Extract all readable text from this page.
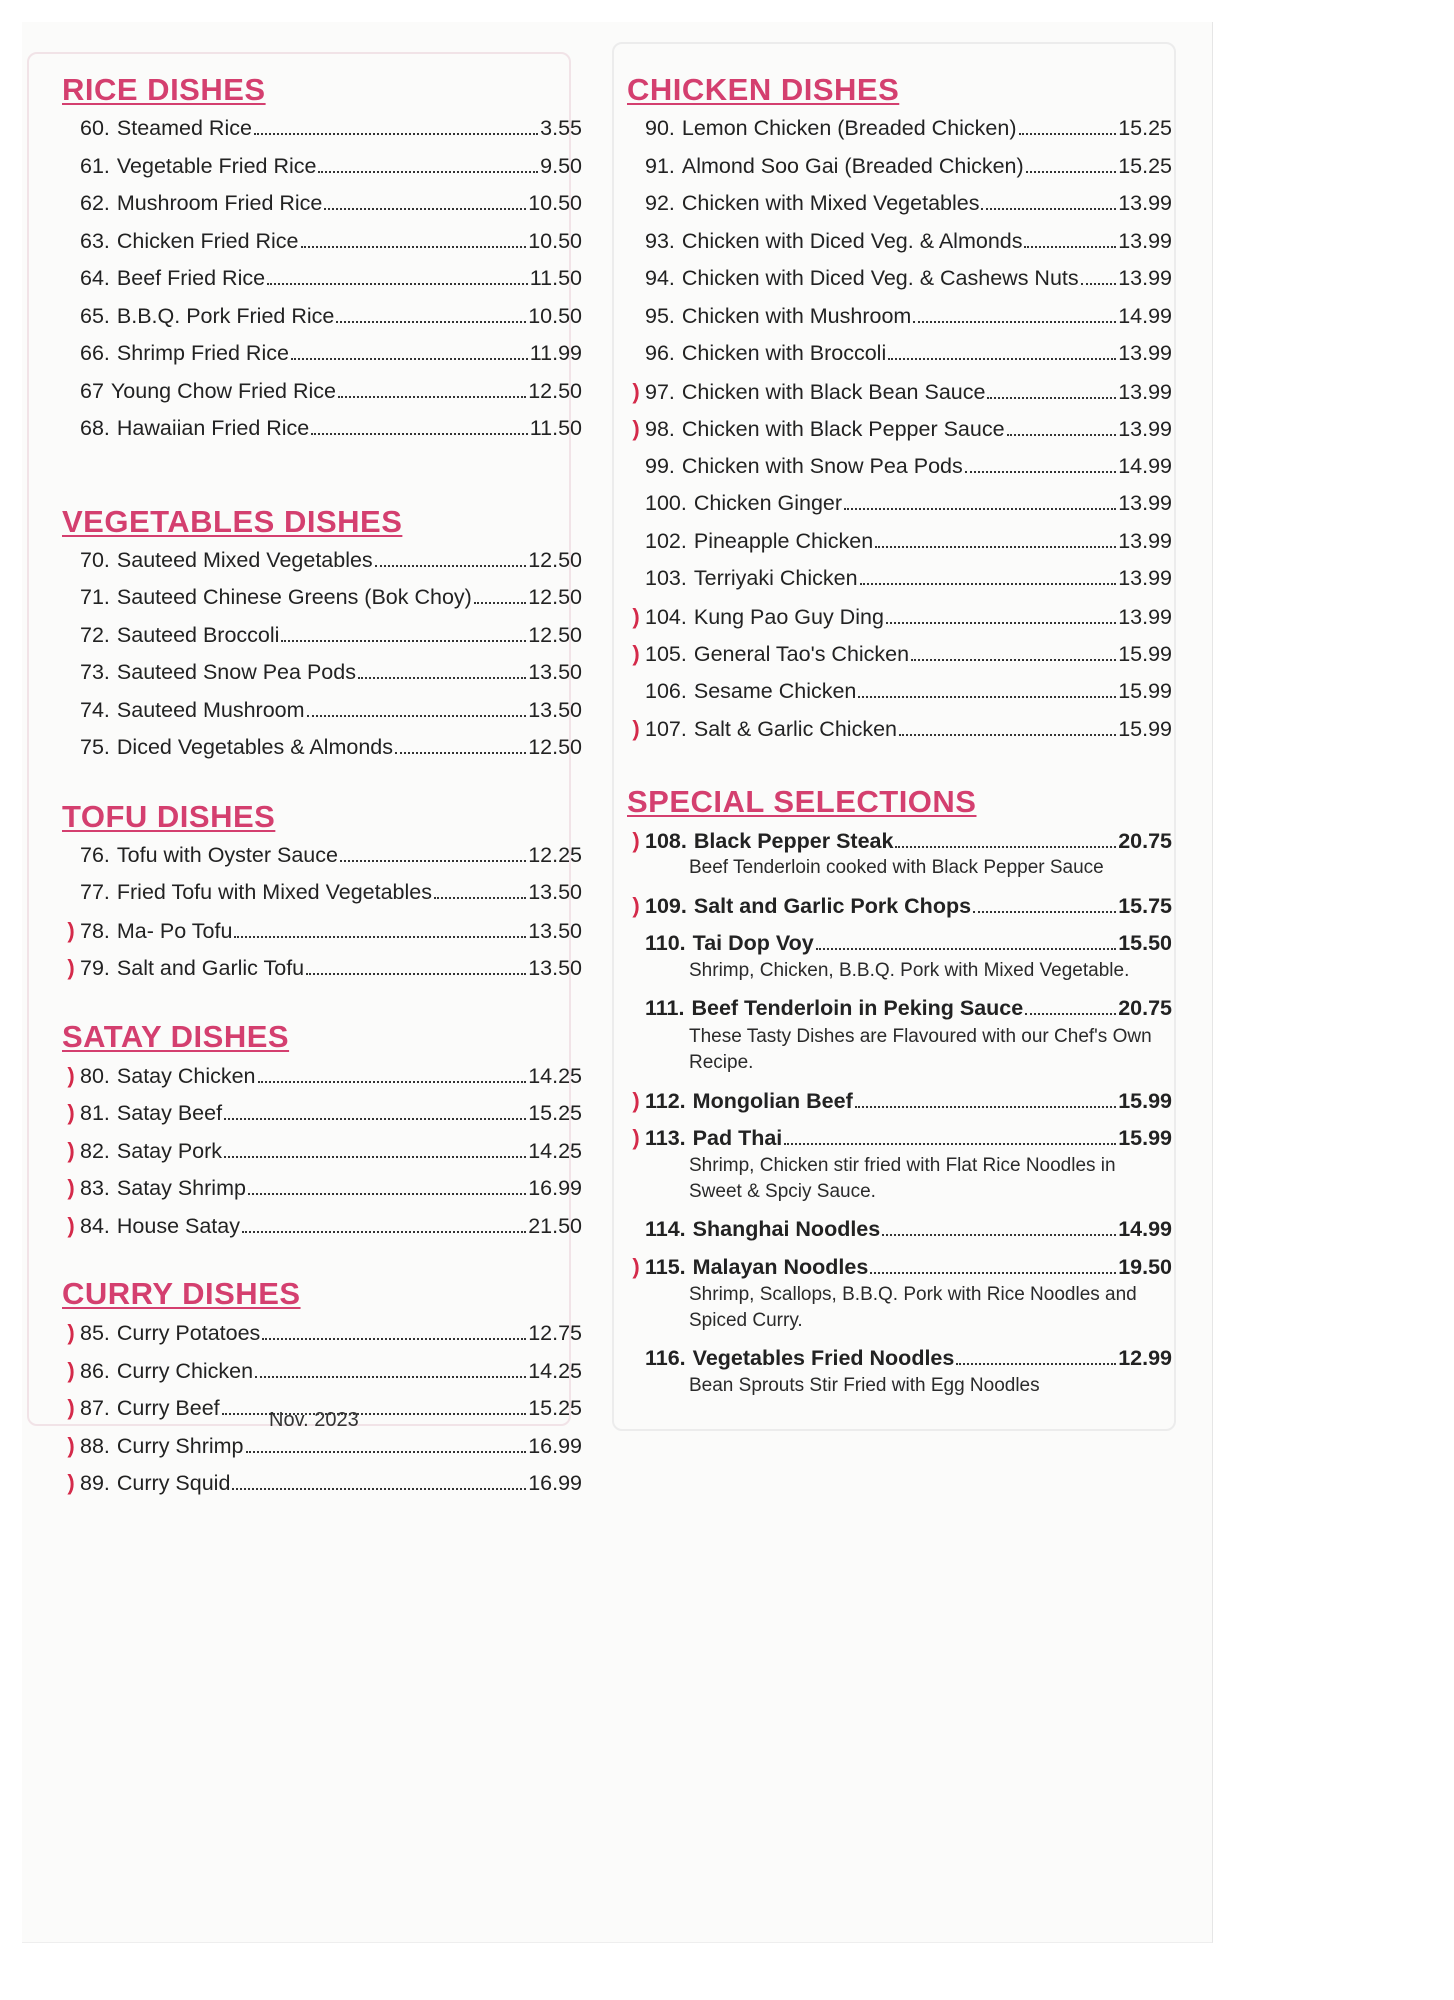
RICE DISHES
60. Steamed Rice	3.55
61. Vegetable Fried Rice	9.50
62. Mushroom Fried Rice	10.50
63. Chicken Fried Rice	10.50
64. Beef Fried Rice	11.50
65. B.B.Q. Pork Fried Rice	10.50
66. Shrimp Fried Rice	11.99
67 Young Chow Fried Rice	12.50
68. Hawaiian Fried Rice	11.50
VEGETABLES DISHES
70. Sauteed Mixed Vegetables	12.50
71. Sauteed Chinese Greens (Bok Choy)	12.50
72. Sauteed Broccoli	12.50
73. Sauteed Snow Pea Pods	13.50
74. Sauteed Mushroom	13.50
75. Diced Vegetables & Almonds	12.50
TOFU DISHES
76. Tofu with Oyster Sauce	12.25
77. Fried Tofu with Mixed Vegetables	13.50
) 78. Ma- Po Tofu	13.50
) 79. Salt and Garlic Tofu	13.50
SATAY DISHES
) 80. Satay Chicken	14.25
) 81. Satay Beef	15.25
) 82. Satay Pork	14.25
) 83. Satay Shrimp	16.99
) 84. House Satay	21.50
CURRY DISHES
) 85. Curry Potatoes	12.75
) 86. Curry Chicken	14.25
) 87. Curry Beef	15.25
) 88. Curry Shrimp	16.99
) 89. Curry Squid	16.99
CHICKEN DISHES
90. Lemon Chicken (Breaded Chicken)	15.25
91. Almond Soo Gai (Breaded Chicken)	15.25
92. Chicken with Mixed Vegetables	13.99
93. Chicken with Diced Veg. & Almonds	13.99
94. Chicken with Diced Veg. & Cashews Nuts 13.99
95. Chicken with Mushroom	14.99
96. Chicken with Broccoli	13.99
) 97. Chicken with Black Bean Sauce	13.99
) 98. Chicken with Black Pepper Sauce	13.99
99. Chicken with Snow Pea Pods	14.99
100. Chicken Ginger	13.99
102. Pineapple Chicken	13.99
103. Terriyaki Chicken	13.99
) 104. Kung Pao Guy Ding	13.99
) 105. General Tao's Chicken	15.99
106. Sesame Chicken	15.99
) 107. Salt & Garlic Chicken	15.99
SPECIAL SELECTIONS
) 108. Black Pepper Steak	20.75
Beef Tenderloin cooked with Black Pepper Sauce
) 109. Salt and Garlic Pork Chops	15.75
110. Tai Dop Voy	15.50
Shrimp, Chicken, B.B.Q. Pork with Mixed Vegetable.
111. Beef Tenderloin in Peking Sauce	20.75
These Tasty Dishes are Flavoured with our Chef's Own Recipe.
) 112. Mongolian Beef	15.99
) 113. Pad Thai	15.99
Shrimp, Chicken stir fried with Flat Rice Noodles in Sweet & Spciy Sauce.
114. Shanghai Noodles	14.99
) 115. Malayan Noodles	19.50
Shrimp, Scallops, B.B.Q. Pork with Rice Noodles and Spiced Curry.
116. Vegetables Fried Noodles	12.99
Bean Sprouts Stir Fried with Egg Noodles
Nov. 2023
